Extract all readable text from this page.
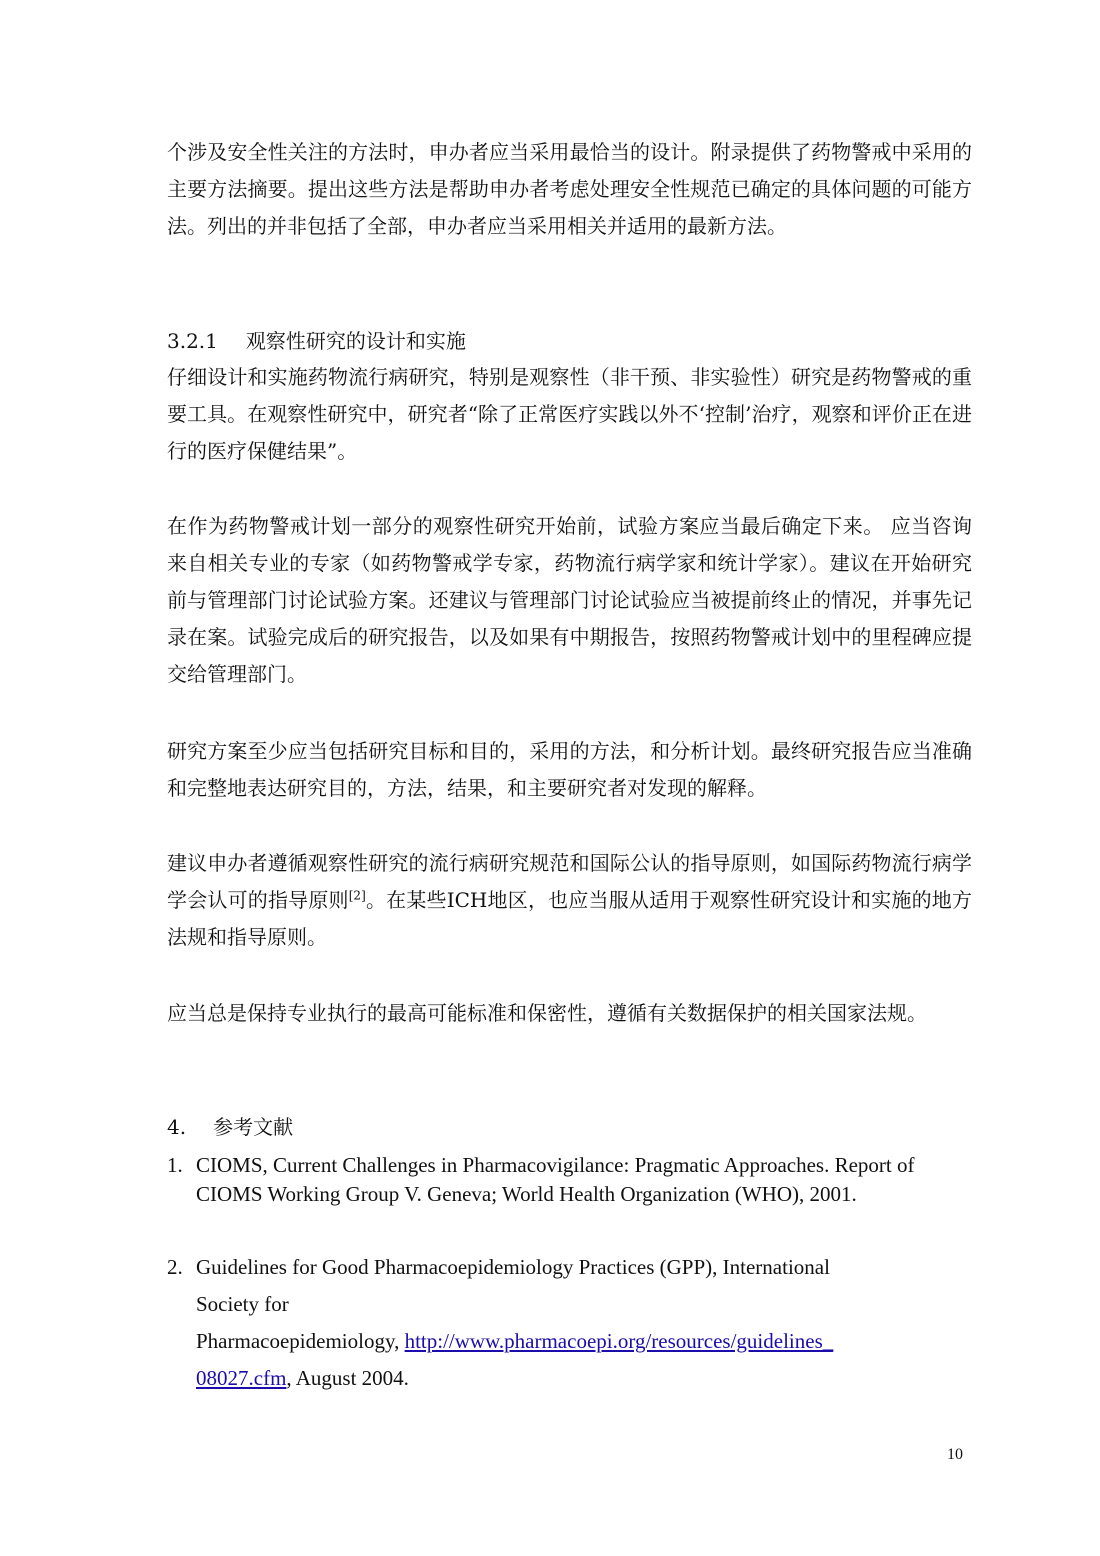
个涉及安全性关注的方法时，申办者应当采用最恰当的设计。附录提供了药物警戒中采用的主要方法摘要。提出这些方法是帮助申办者考虑处理安全性规范已确定的具体问题的可能方法。列出的并非包括了全部，申办者应当采用相关并适用的最新方法。

3.2.1 观察性研究的设计和实施

仔细设计和实施药物流行病研究，特别是观察性（非干预、非实验性）研究是药物警戒的重要工具。在观察性研究中，研究者“除了正常医疗实践以外不‘控制’治疗，观察和评价正在进行的医疗保健结果”。

在作为药物警戒计划一部分的观察性研究开始前，试验方案应当最后确定下来。 应当咨询来自相关专业的专家（如药物警戒学专家，药物流行病学家和统计学家）。建议在开始研究前与管理部门讨论试验方案。还建议与管理部门讨论试验应当被提前终止的情况，并事先记录在案。试验完成后的研究报告，以及如果有中期报告，按照药物警戒计划中的里程碑应提交给管理部门。

研究方案至少应当包括研究目标和目的，采用的方法，和分析计划。最终研究报告应当准确和完整地表达研究目的，方法，结果，和主要研究者对发现的解释。

建议申办者遵循观察性研究的流行病研究规范和国际公认的指导原则，如国际药物流行病学学会认可的指导原则[2]。在某些ICH地区，也应当服从适用于观察性研究设计和实施的地方法规和指导原则。

应当总是保持专业执行的最高可能标准和保密性，遵循有关数据保护的相关国家法规。

4. 参考文献
1. CIOMS, Current Challenges in Pharmacovigilance: Pragmatic Approaches. Report of CIOMS Working Group V. Geneva; World Health Organization (WHO), 2001.
2. Guidelines for Good Pharmacoepidemiology Practices (GPP), International
Society for
Pharmacoepidemiology, http://www.pharmacoepi.org/resources/guidelines_
08027.cfm, August 2004.
10
